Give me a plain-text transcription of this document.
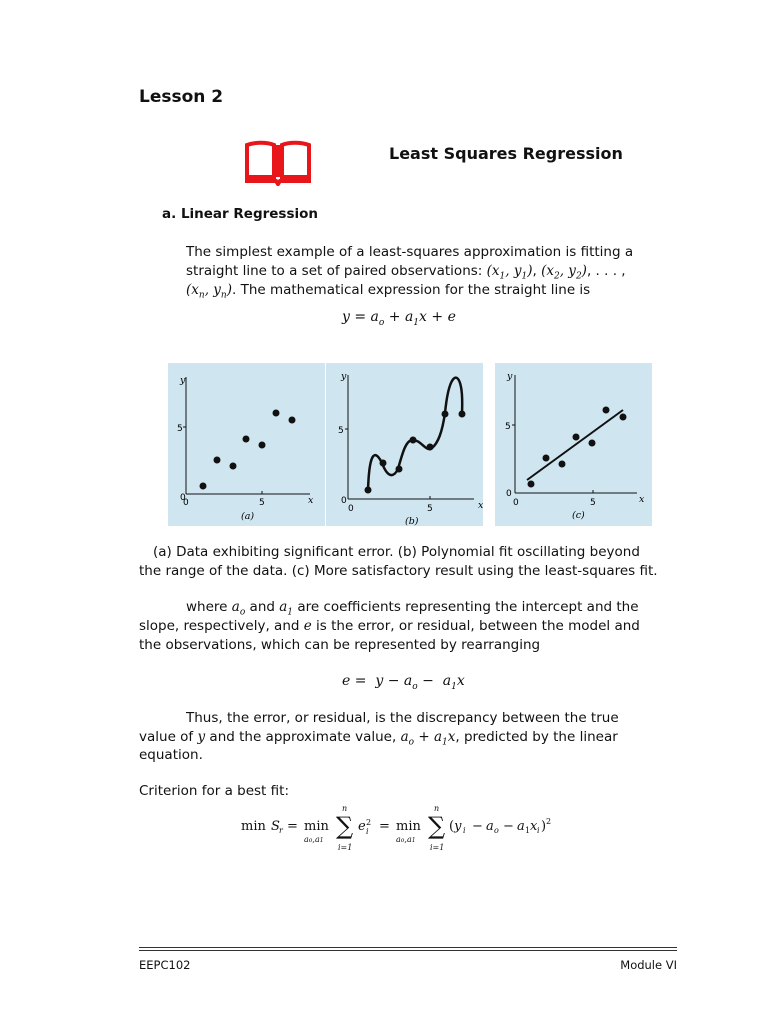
Lesson 2
Least Squares Regression
a. Linear Regression
The simplest example of a least-squares approximation is fitting a
straight line to a set of paired observations: ($x_1$, $y_1$), ($x_2$, $y_2$), . . . ,
($x_n$, $y_n$). The mathematical expression for the straight line is
$y = a_o + a_1x + e$
y
5
0
0	5	x
(a)
y
5
0
0	5	x
(b)
y
5
0
0	5	x
(c)
(a) Data exhibiting significant error. (b) Polynomial fit oscillating beyond
the range of the data. (c) More satisfactory result using the least-squares fit.
where $a_o$ and $a_1$ are coefficients representing the intercept and the
slope, respectively, and e is the error, or residual, between the model and
the observations, which can be represented by rearranging
$e = y - a_o - a_1x$
Thus, the error, or residual, is the discrepancy between the true
value of y and the approximate value, $a_o + a_1x$, predicted by the linear
equation.
Criterion for a best fit:
min S r = min
ao,a1
∑
n
i=1
e 2
i = min
ao,a1
∑
n
i=1
(y i − a o − a 1 x i ) 2
EEPC102	Module VI
